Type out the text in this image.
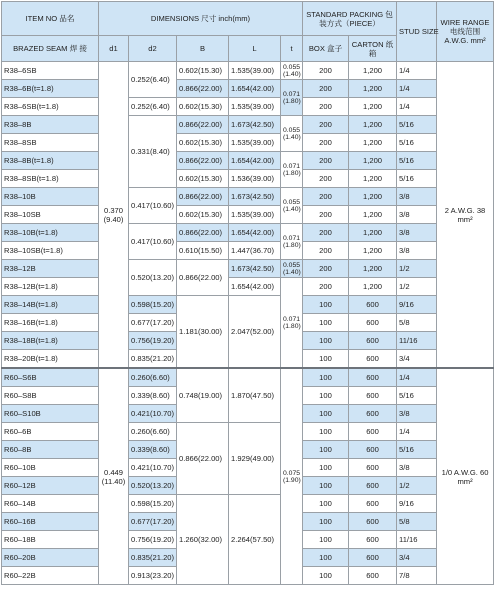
ITEM NO 品名	DIMENSIONS 尺寸 inch(mm)					STANDARD PACKING 包装方式（PIECE）		STUD SIZE	WIRE RANGE 电线范围 A.W.G. mm²
BRAZED SEAM 焊 接	d1	d2	B	L	t	BOX 盒子	CARTON 纸 箱		
R38–6SB	0.370 (9.40)	0.252(6.40)	0.602(15.30)	1.535(39.00)	0.055 (1.40)	200	1,200	1/4	2 A.W.G. 38 mm²
R38–6B(t=1.8)			0.866(22.00)	1.654(42.00)	0.071 (1.80)	200	1,200	1/4	
R38–6SB(t=1.8)		0.252(6.40)	0.602(15.30)	1.535(39.00)		200	1,200	1/4	
R38–8B		0.331(8.40)	0.866(22.00)	1.673(42.50)	0.055 (1.40)	200	1,200	5/16	
R38–8SB			0.602(15.30)	1.535(39.00)		200	1,200	5/16	
R38–8B(t=1.8)			0.866(22.00)	1.654(42.00)	0.071 (1.80)	200	1,200	5/16	
R38–8SB(t=1.8)			0.602(15.30)	1.536(39.00)		200	1,200	5/16	
R38–10B		0.417(10.60)	0.866(22.00)	1.673(42.50)	0.055 (1.40)	200	1,200	3/8	
R38–10SB			0.602(15.30)	1.535(39.00)		200	1,200	3/8	
R38–10B(t=1.8)		0.417(10.60)	0.866(22.00)	1.654(42.00)	0.071 (1.80)	200	1,200	3/8	
R38–10SB(t=1.8)			0.610(15.50)	1.447(36.70)		200	1,200	3/8	
R38–12B		0.520(13.20)	0.866(22.00)	1.673(42.50)	0.055 (1.40)	200	1,200	1/2	
R38–12B(t=1.8)				1.654(42.00)	0.071 (1.80)	200	1,200	1/2	
R38–14B(t=1.8)		0.598(15.20)	1.181(30.00)	2.047(52.00)		100	600	9/16	
R38–16B(t=1.8)		0.677(17.20)				100	600	5/8	
R38–18B(t=1.8)		0.756(19.20)				100	600	11/16	
R38–20B(t=1.8)		0.835(21.20)				100	600	3/4	
R60–S6B	0.449 (11.40)	0.260(6.60)	0.748(19.00)	1.870(47.50)	0.075 (1.90)	100	600	1/4	1/0 A.W.G. 60 mm²
R60–S8B		0.339(8.60)				100	600	5/16	
R60–S10B		0.421(10.70)				100	600	3/8	
R60–6B		0.260(6.60)	0.866(22.00)	1.929(49.00)		100	600	1/4	
R60–8B		0.339(8.60)				100	600	5/16	
R60–10B		0.421(10.70)				100	600	3/8	
R60–12B		0.520(13.20)				100	600	1/2	
R60–14B		0.598(15.20)	1.260(32.00)	2.264(57.50)		100	600	9/16	
R60–16B		0.677(17.20)				100	600	5/8	
R60–18B		0.756(19.20)				100	600	11/16	
R60–20B		0.835(21.20)				100	600	3/4	
R60–22B		0.913(23.20)				100	600	7/8	
